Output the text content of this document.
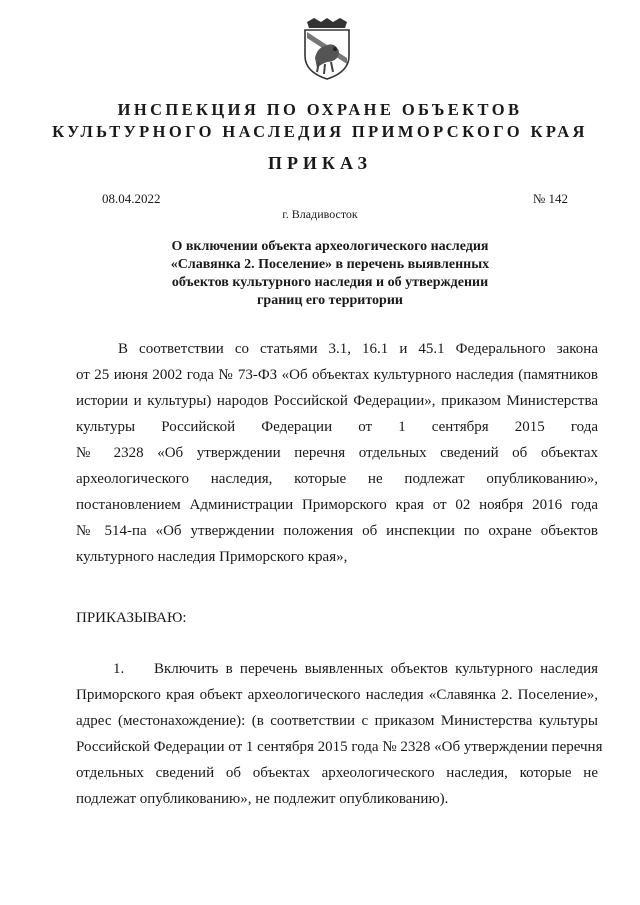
ИНСПЕКЦИЯ ПО ОХРАНЕ ОБЪЕКТОВ
КУЛЬТУРНОГО НАСЛЕДИЯ ПРИМОРСКОГО КРАЯ
ПРИКАЗ
08.04.2022	№ 142
г. Владивосток
О включении объекта археологического наследия
«Славянка 2. Поселение» в перечень выявленных
объектов культурного наследия и об утверждении
границ его территории
В соответствии со статьями 3.1, 16.1 и 45.1 Федерального закона
от 25 июня 2002 года № 73-ФЗ «Об объектах культурного наследия (памятников
истории и культуры) народов Российской Федерации», приказом Министерства
культуры Российской Федерации от 1 сентября 2015 года
№ 2328 «Об утверждении перечня отдельных сведений об объектах
археологического наследия, которые не подлежат опубликованию»,
постановлением Администрации Приморского края от 02 ноября 2016 года
№ 514-па «Об утверждении положения об инспекции по охране объектов
культурного наследия Приморского края»,
ПРИКАЗЫВАЮ:
1. Включить в перечень выявленных объектов культурного наследия
Приморского края объект археологического наследия «Славянка 2. Поселение»,
адрес (местонахождение): (в соответствии с приказом Министерства культуры
Российской Федерации от 1 сентября 2015 года № 2328 «Об утверждении перечня
отдельных сведений об объектах археологического наследия, которые не
подлежат опубликованию», не подлежит опубликованию).
